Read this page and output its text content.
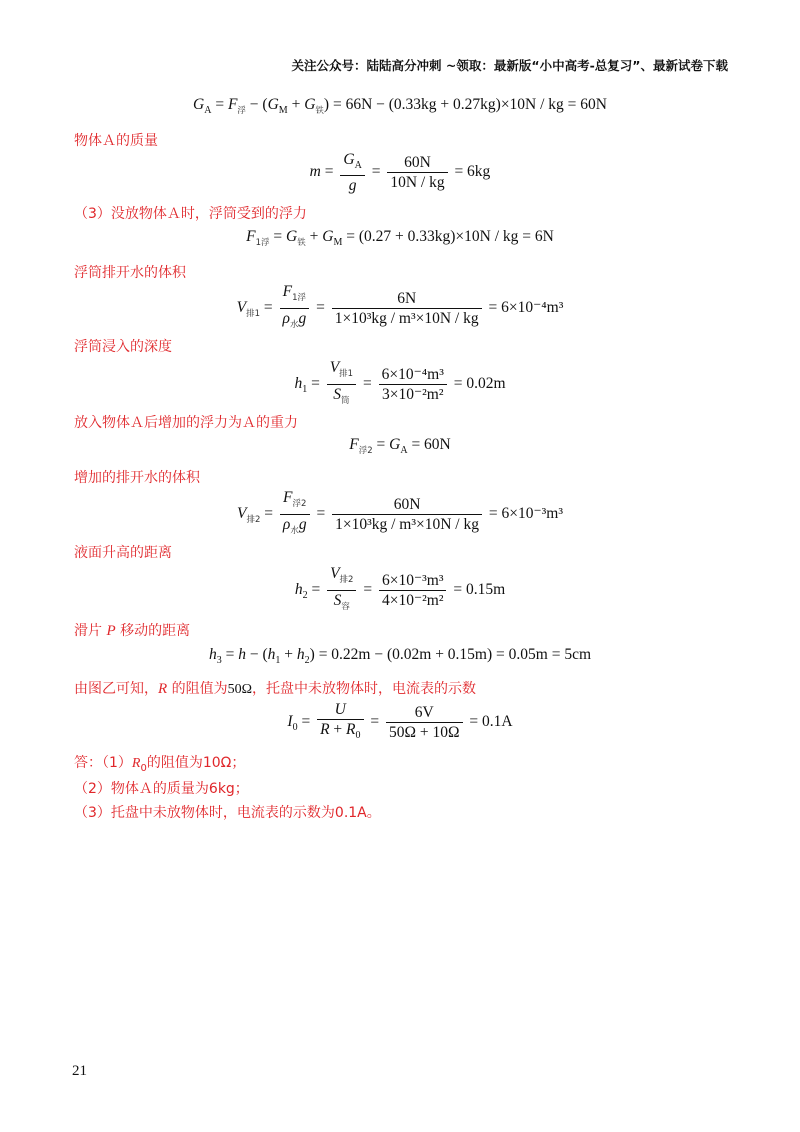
关注公众号：陆陆高分冲刺 ~领取：最新版“小中高考-总复习”、最新试卷下载
$G_A = F_浮 - (G_M + G_铁) = 66N - (0.33kg + 0.27kg)\times 10N$ / kg = 60N
物体Ａ的质量
$m = \frac{G_A}{g} = \frac{60N}{10N / kg} = 6kg$
（3）没放物体Ａ时，浮筒受到的浮力
$F_{1浮} = G_铁 + G_M = (0.27 + 0.33kg)\times 10N$ / kg = 6N
浮筒排开水的体积
$V_{排1} = \frac{F_{1浮}}{\rho_水g} = \frac{6N}{\text{1×10³kg / m³×10N / kg}} = 6\times 10^{-4}m^3$
浮筒浸入的深度
$h_1 = \frac{V_{排1}}{S_筒} = \frac{\text{6×10⁻⁴m³}}{\text{3×10⁻²m²}} = 0.02m$
放入物体Ａ后增加的浮力为Ａ的重力
$F_{浮2} = G_A = 60N$
增加的排开水的体积
$V_{排2} = \frac{F_{浮2}}{\rho_水g} = \frac{60N}{\text{1×10³kg / m³×10N / kg}} = 6\times 10^{-3}m^3$
液面升高的距离
$h_2 = \frac{V_{排2}}{S_容} = \frac{\text{6×10⁻³m³}}{\text{4×10⁻²m²}} = 0.15m$
滑片 P 移动的距离
$h_3 = h - (h_1 + h_2) = 0.22m - (0.02m + 0.15m) = 0.05m = 5cm$
由图乙可知，R 的阻值为50Ω，托盘中未放物体时，电流表的示数
$I_0 = \frac{U}{R + R_0} = \frac{6V}{50\Omega + 10\Omega} = 0.1A$
答：$(1)R_0$的阻值为10Ω；
（2）物体Ａ的质量为6kg；
（3）托盘中未放物体时，电流表的示数为0.1A。
21
